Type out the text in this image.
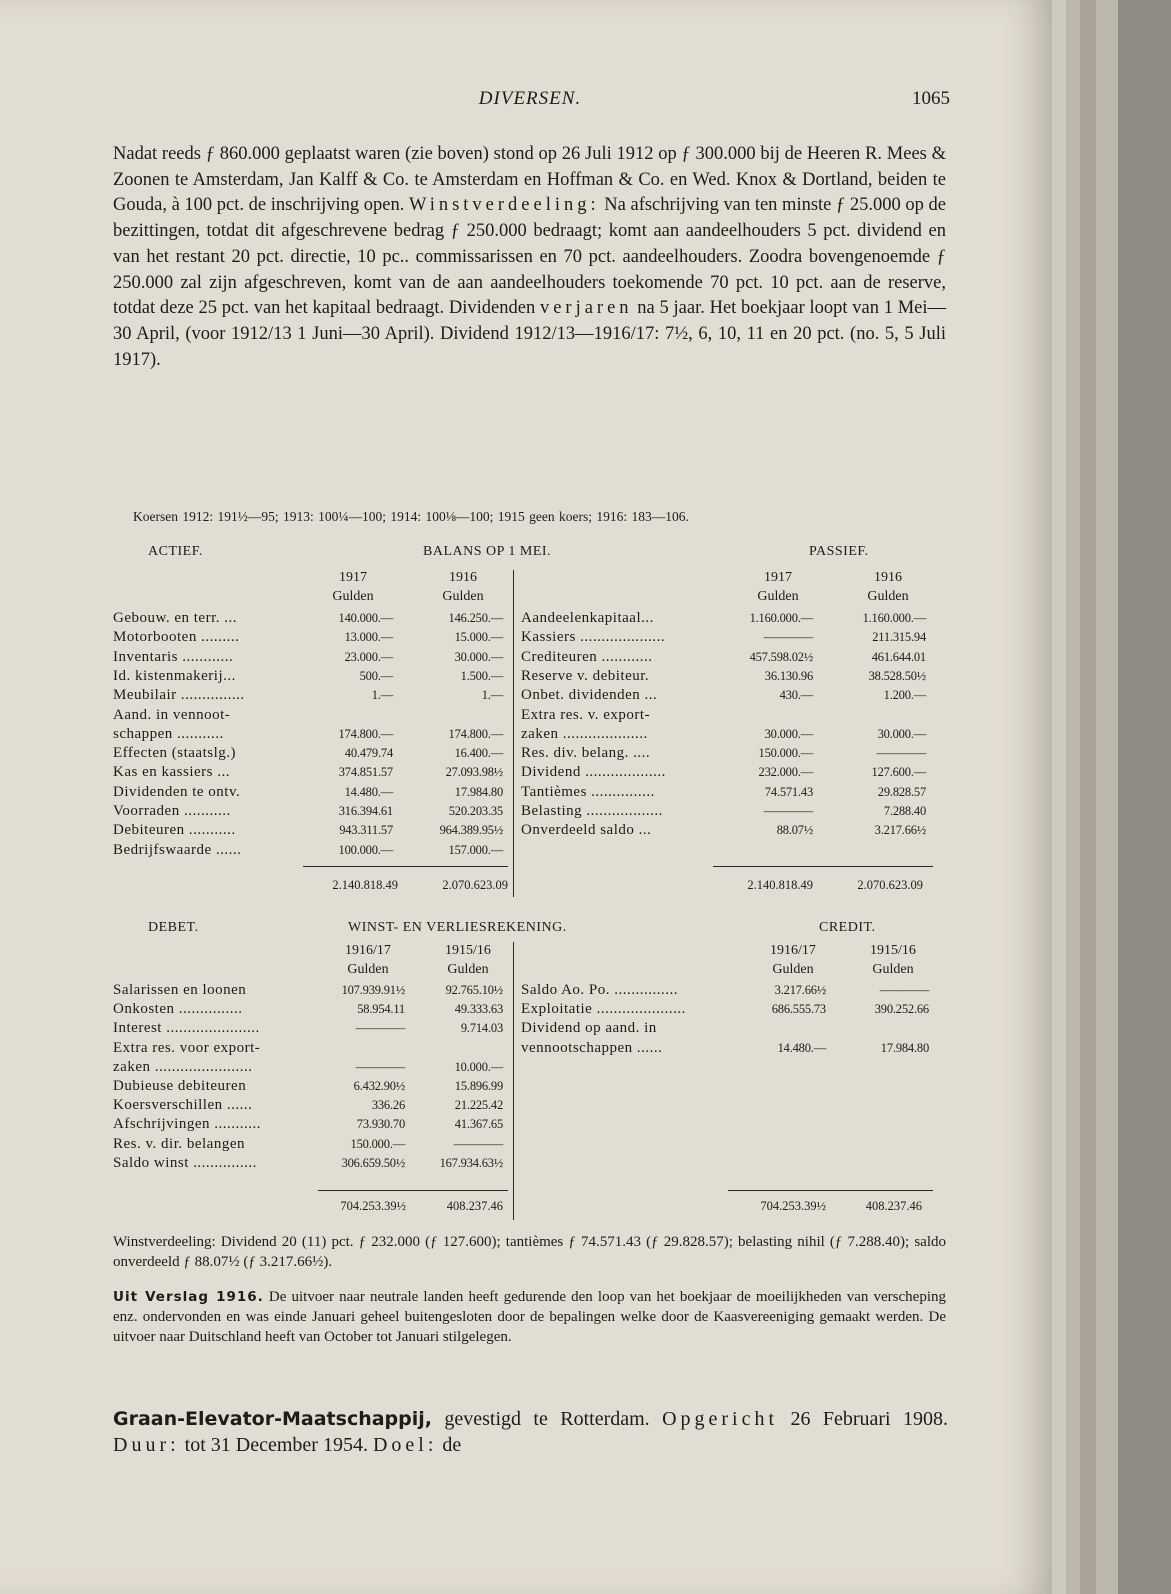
DIVERSEN.	1065
Nadat reeds ƒ 860.000 geplaatst waren (zie boven) stond op 26 Juli 1912 op ƒ 300.000 bij de Heeren R. Mees & Zoonen te Amsterdam, Jan Kalff & Co. te Amsterdam en Hoffman & Co. en Wed. Knox & Dortland, beiden te Gouda, à 100 pct. de inschrijving open. Winstverdeeling: Na afschrijving van ten minste ƒ 25.000 op de bezittingen, totdat dit afgeschrevene bedrag ƒ 250.000 bedraagt; komt aan aandeelhouders 5 pct. dividend en van het restant 20 pct. directie, 10 pc.. commissarissen en 70 pct. aandeelhouders. Zoodra bovengenoemde ƒ 250.000 zal zijn afgeschreven, komt van de aan aandeelhouders toekomende 70 pct. 10 pct. aan de reserve, totdat deze 25 pct. van het kapitaal bedraagt. Dividenden verjaren na 5 jaar. Het boekjaar loopt van 1 Mei—30 April, (voor 1912/13 1 Juni—30 April). Dividend 1912/13—1916/17: 7½, 6, 10, 11 en 20 pct. (no. 5, 5 Juli 1917).
Koersen 1912: 191½—95; 1913: 100¼—100; 1914: 100⅛—100; 1915 geen koers; 1916: 183—106.
ACTIEF.	BALANS OP 1 MEI.	PASSIEF.
1917	1916	1917	1916
Gulden	Gulden	Gulden	Gulden
Gebouw. en terr. ...	140.000.—	146.250.—
Motorbooten .........	13.000.—	15.000.—
Inventaris ............	23.000.—	30.000.—
Id. kistenmakerij...	500.—	1.500.—
Meubilair ...............	1.—	1.—
Aand. in vennoot-
schappen ...........	174.800.—	174.800.—
Effecten (staatslg.)	40.479.74	16.400.—
Kas en kassiers ...	374.851.57	27.093.98½
Dividenden te ontv.	14.480.—	17.984.80
Voorraden ...........	316.394.61	520.203.35
Debiteuren ...........	943.311.57	964.389.95½
Bedrijfswaarde ......	100.000.—	157.000.—
Aandeelenkapitaal...	1.160.000.—	1.160.000.—
Kassiers ....................	————	211.315.94
Crediteuren ............	457.598.02½	461.644.01
Reserve v. debiteur.	36.130.96	38.528.50½
Onbet. dividenden ...	430.—	1.200.—
Extra res. v. export-
zaken ....................	30.000.—	30.000.—
Res. div. belang. ....	150.000.—	————
Dividend ...................	232.000.—	127.600.—
Tantièmes ...............	74.571.43	29.828.57
Belasting ..................	————	7.288.40
Onverdeeld saldo ...	88.07½	3.217.66½
2.140.818.49	2.070.623.09	2.140.818.49	2.070.623.09
DEBET.	WINST- EN VERLIESREKENING.	CREDIT.
1916/17	1915/16	1916/17	1915/16
Gulden	Gulden	Gulden	Gulden
Salarissen en loonen	107.939.91½	92.765.10½
Onkosten ...............	58.954.11	49.333.63
Interest ......................	————	9.714.03
Extra res. voor export-
zaken .......................	————	10.000.—
Dubieuse debiteuren	6.432.90½	15.896.99
Koersverschillen ......	336.26	21.225.42
Afschrijvingen ...........	73.930.70	41.367.65
Res. v. dir. belangen	150.000.—	————
Saldo winst ...............	306.659.50½	167.934.63½
Saldo Ao. Po. ...............	3.217.66½	————
Exploitatie .....................	686.555.73	390.252.66
Dividend op aand. in
vennootschappen ......	14.480.—	17.984.80
704.253.39½	408.237.46	704.253.39½	408.237.46
Winstverdeeling: Dividend 20 (11) pct. ƒ 232.000 (ƒ 127.600); tantièmes ƒ 74.571.43 (ƒ 29.828.57); belasting nihil (ƒ 7.288.40); saldo onverdeeld ƒ 88.07½ (ƒ 3.217.66½).
Uit Verslag 1916. De uitvoer naar neutrale landen heeft gedurende den loop van het boekjaar de moeilijkheden van verscheping enz. ondervonden en was einde Januari geheel buitengesloten door de bepalingen welke door de Kaasvereeniging gemaakt werden. De uitvoer naar Duitschland heeft van October tot Januari stilgelegen.
Graan-Elevator-Maatschappij, gevestigd te Rotterdam. Opgericht 26 Februari 1908. Duur: tot 31 December 1954. Doel: de
